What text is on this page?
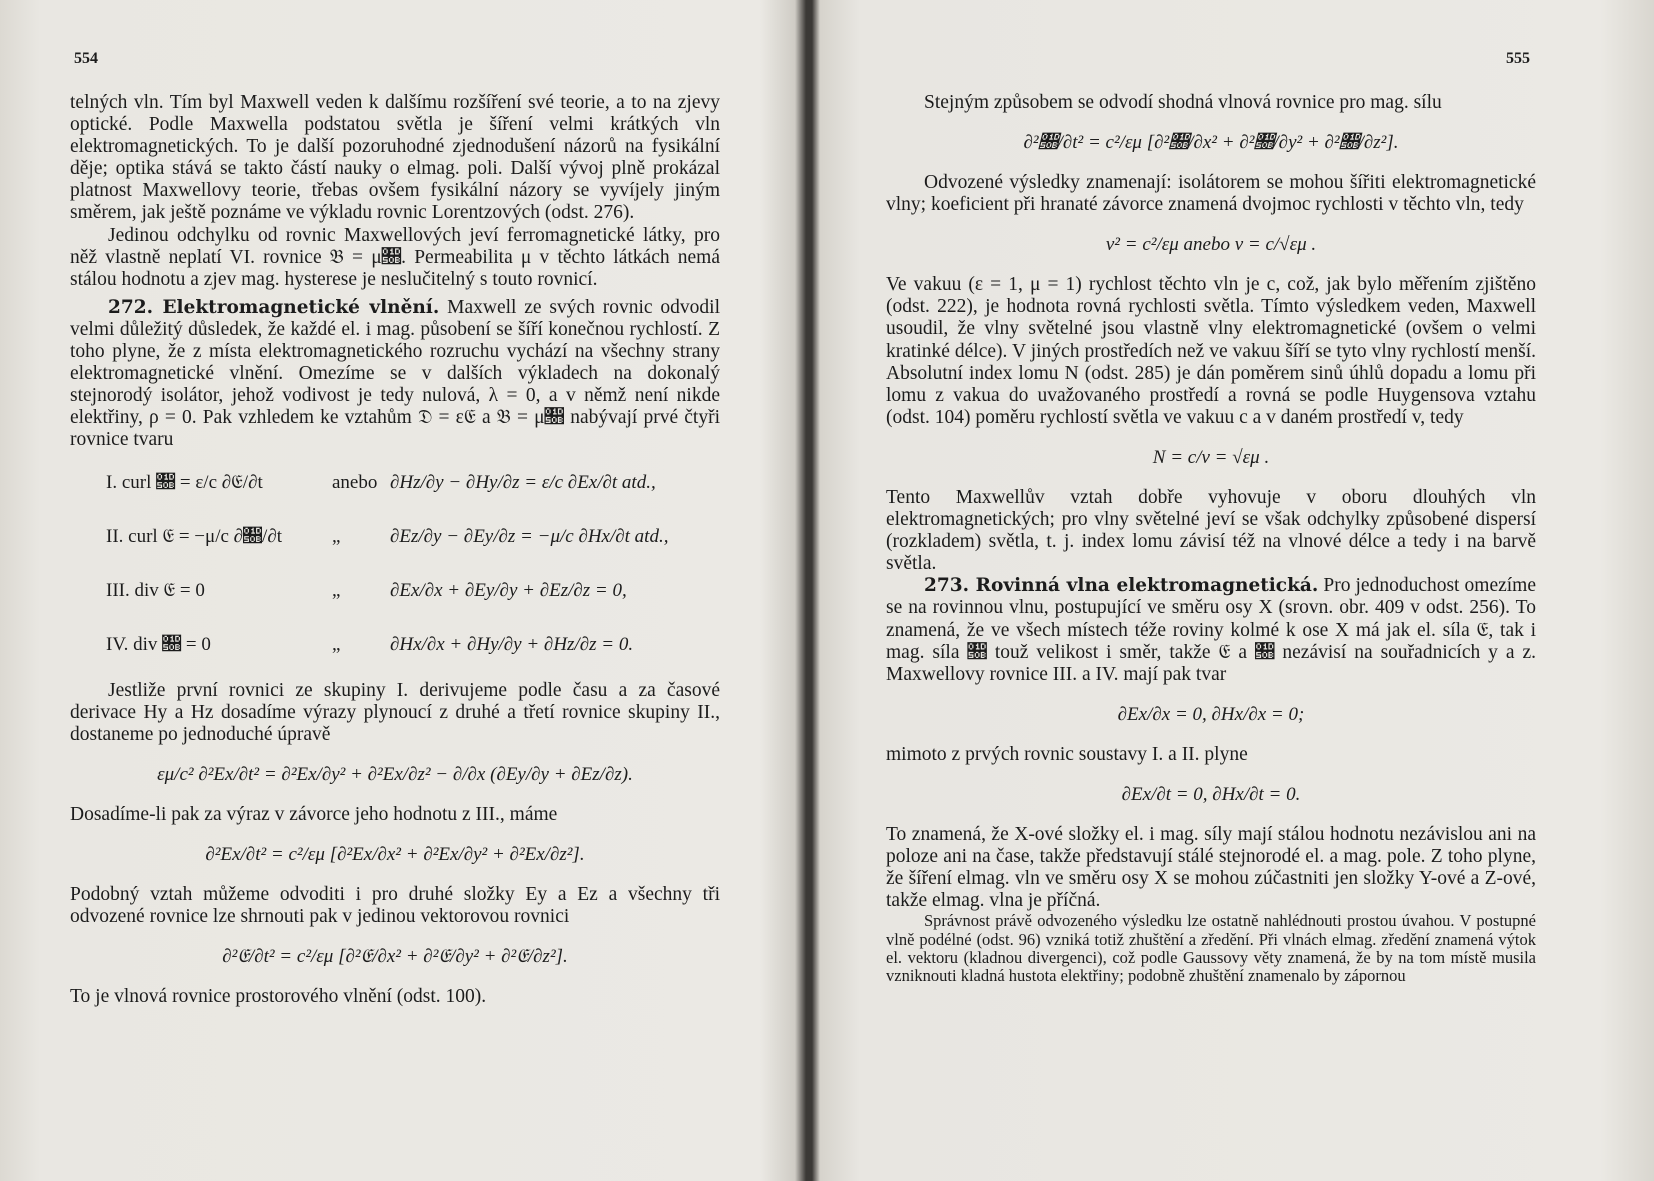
554

telných vln. Tím byl Maxwell veden k dalšímu rozšíření své teorie, a to na zjevy optické. Podle Maxwella podstatou světla je šíření velmi krátkých vln elektromagnetických. To je další pozoruhodné zjednodušení názorů na fysikální děje; optika stává se takto částí nauky o elmag. poli. Další vývoj plně prokázal platnost Maxwellovy teorie, třebas ovšem fysikální názory se vyvíjely jiným směrem, jak ještě poznáme ve výkladu rovnic Lorentzových (odst. 276).

Jedinou odchylku od rovnic Maxwellových jeví ferromagnetické látky, pro něž vlastně neplatí VI. rovnice 𝔅 = μ𝔋. Permeabilita μ v těchto látkách nemá stálou hodnotu a zjev mag. hysterese je neslučitelný s touto rovnicí.

272. Elektromagnetické vlnění. Maxwell ze svých rovnic odvodil velmi důležitý důsledek, že každé el. i mag. působení se šíří konečnou rychlostí. Z toho plyne, že z místa elektromagnetického rozruchu vychází na všechny strany elektromagnetické vlnění. Omezíme se v dalších výkladech na dokonalý stejnorodý isolátor, jehož vodivost je tedy nulová, λ = 0, a v němž není nikde elektřiny, ρ = 0. Pak vzhledem ke vztahům 𝔇 = ε𝔈 a 𝔅 = μ𝔋 nabývají prvé čtyři rovnice tvaru

I. curl 𝔋 = ε/c ∂𝔈/∂t	anebo ∂Hz/∂y − ∂Hy/∂z = ε/c ∂Ex/∂t atd.,
II. curl 𝔈 = −μ/c ∂𝔋/∂t	„	∂Ez/∂y − ∂Ey/∂z = −μ/c ∂Hx/∂t atd.,
III. div 𝔈 = 0	„	∂Ex/∂x + ∂Ey/∂y + ∂Ez/∂z = 0,
IV. div 𝔋 = 0	„	∂Hx/∂x + ∂Hy/∂y + ∂Hz/∂z = 0.

Jestliže první rovnici ze skupiny I. derivujeme podle času a za časové derivace Hy a Hz dosadíme výrazy plynoucí z druhé a třetí rovnice skupiny II., dostaneme po jednoduché úpravě

εμ/c² ∂²Ex/∂t² = ∂²Ex/∂y² + ∂²Ex/∂z² − ∂/∂x (∂Ey/∂y + ∂Ez/∂z).

Dosadíme-li pak za výraz v závorce jeho hodnotu z III., máme

∂²Ex/∂t² = c²/εμ [∂²Ex/∂x² + ∂²Ex/∂y² + ∂²Ex/∂z²].

Podobný vztah můžeme odvoditi i pro druhé složky Ey a Ez a všechny tři odvozené rovnice lze shrnouti pak v jedinou vektorovou rovnici

∂²𝔈/∂t² = c²/εμ [∂²𝔈/∂x² + ∂²𝔈/∂y² + ∂²𝔈/∂z²].

To je vlnová rovnice prostorového vlnění (odst. 100).

555

Stejným způsobem se odvodí shodná vlnová rovnice pro mag. sílu

∂²𝔋/∂t² = c²/εμ [∂²𝔋/∂x² + ∂²𝔋/∂y² + ∂²𝔋/∂z²].

Odvozené výsledky znamenají: isolátorem se mohou šířiti elektromagnetické vlny; koeficient při hranaté závorce znamená dvojmoc rychlosti v těchto vln, tedy

v² = c²/εμ anebo v = c/√εμ .

Ve vakuu (ε = 1, μ = 1) rychlost těchto vln je c, což, jak bylo měřením zjištěno (odst. 222), je hodnota rovná rychlosti světla. Tímto výsledkem veden, Maxwell usoudil, že vlny světelné jsou vlastně vlny elektromagnetické (ovšem o velmi kratinké délce). V jiných prostředích než ve vakuu šíří se tyto vlny rychlostí menší. Absolutní index lomu N (odst. 285) je dán poměrem sinů úhlů dopadu a lomu při lomu z vakua do uvažovaného prostředí a rovná se podle Huygensova vztahu (odst. 104) poměru rychlostí světla ve vakuu c a v daném prostředí v, tedy

N = c/v = √εμ .

Tento Maxwellův vztah dobře vyhovuje v oboru dlouhých vln elektromagnetických; pro vlny světelné jeví se však odchylky způsobené dispersí (rozkladem) světla, t. j. index lomu závisí též na vlnové délce a tedy i na barvě světla.

273. Rovinná vlna elektromagnetická. Pro jednoduchost omezíme se na rovinnou vlnu, postupující ve směru osy X (srovn. obr. 409 v odst. 256). To znamená, že ve všech místech téže roviny kolmé k ose X má jak el. síla 𝔈, tak i mag. síla 𝔋 touž velikost i směr, takže 𝔈 a 𝔋 nezávisí na souřadnicích y a z. Maxwellovy rovnice III. a IV. mají pak tvar

∂Ex/∂x = 0, ∂Hx/∂x = 0;

mimoto z prvých rovnic soustavy I. a II. plyne

∂Ex/∂t = 0, ∂Hx/∂t = 0.

To znamená, že X-ové složky el. i mag. síly mají stálou hodnotu nezávislou ani na poloze ani na čase, takže představují stálé stejnorodé el. a mag. pole. Z toho plyne, že šíření elmag. vln ve směru osy X se mohou zúčastniti jen složky Y-ové a Z-ové, takže elmag. vlna je příčná.

Správnost právě odvozeného výsledku lze ostatně nahlédnouti prostou úvahou. V postupné vlně podélné (odst. 96) vzniká totiž zhuštění a zředění. Při vlnách elmag. zředění znamená výtok el. vektoru (kladnou divergenci), což podle Gaussovy věty znamená, že by na tom místě musila vzniknouti kladná hustota elektřiny; podobně zhuštění znamenalo by zápornou
